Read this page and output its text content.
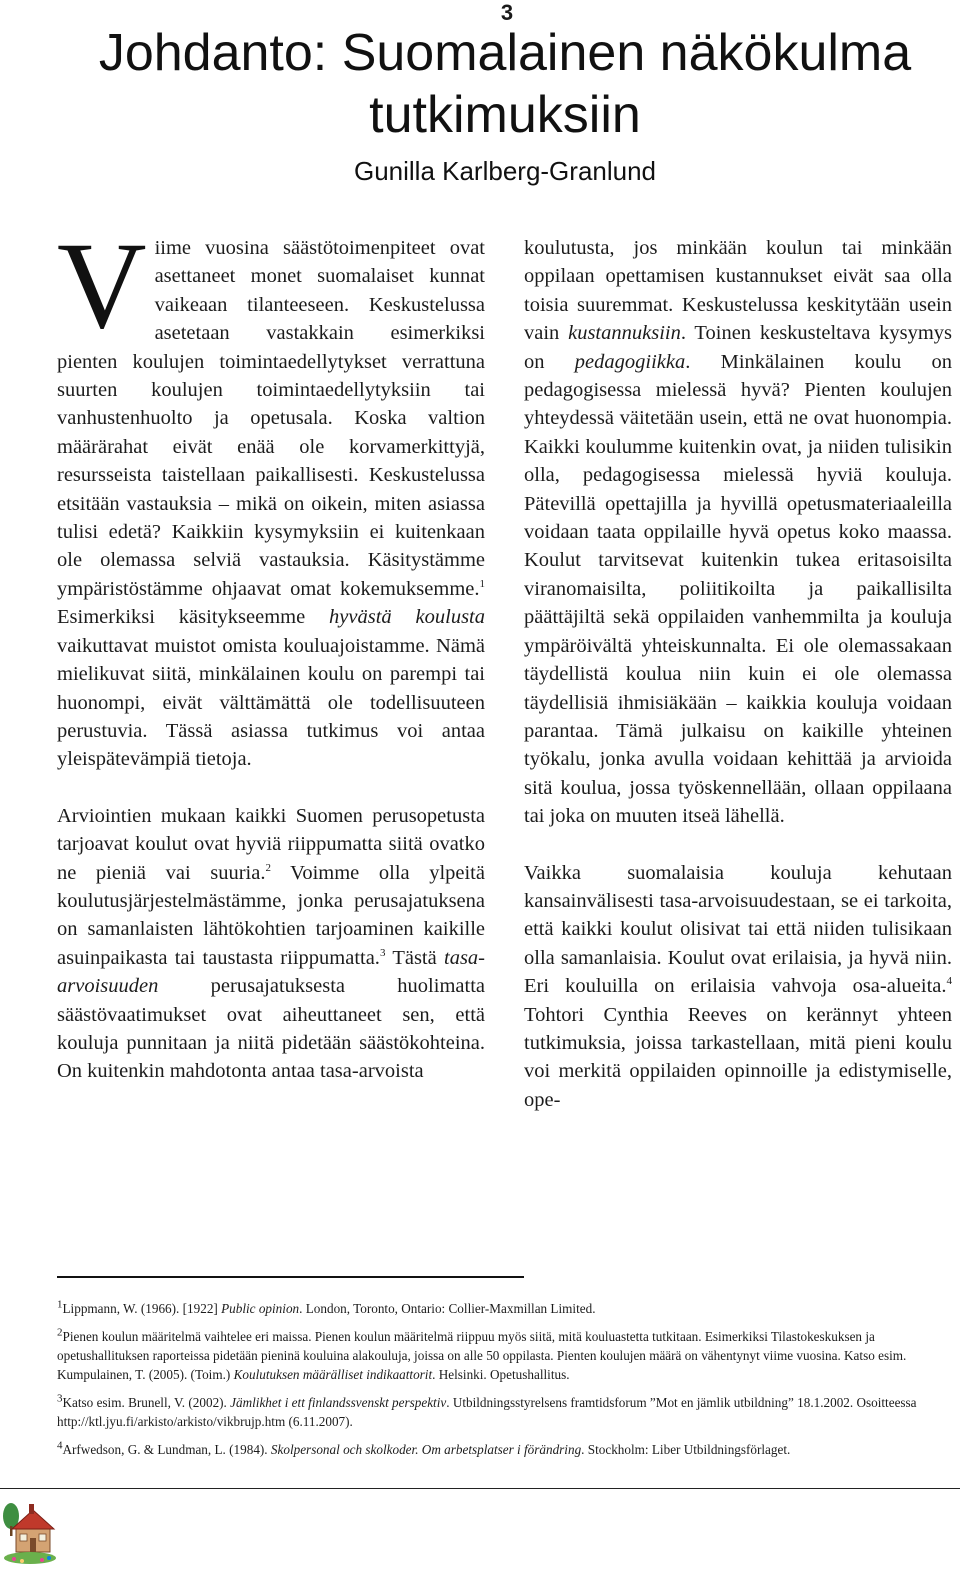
3
Johdanto: Suomalainen näkökulma tutkimuksiin
Gunilla Karlberg-Granlund

Viime vuosina säästötoimenpiteet ovat asettaneet monet suomalaiset kunnat vaikeaan tilanteeseen. Keskustelussa asetetaan vastakkain esimerkiksi pienten koulujen toimintaedellytykset verrattuna suurten koulujen toimintaedellytyksiin tai vanhustenhuolto ja opetusala. Koska valtion määrärahat eivät enää ole korvamerkittyjä, resursseista taistellaan paikallisesti. Keskustelussa etsitään vastauksia – mikä on oikein, miten asiassa tulisi edetä? Kaikkiin kysymyksiin ei kuitenkaan ole olemassa selviä vastauksia. Käsitystämme ympäristöstämme ohjaavat omat kokemuksemme.$^1$ Esimerkiksi käsitykseemme hyvästä koulusta vaikuttavat muistot omista kouluajoistamme. Nämä mielikuvat siitä, minkälainen koulu on parempi tai huonompi, eivät välttämättä ole todellisuuteen perustuvia. Tässä asiassa tutkimus voi antaa yleispätevämpiä tietoja.

Arviointien mukaan kaikki Suomen perusopetusta tarjoavat koulut ovat hyviä riippumatta siitä ovatko ne pieniä vai suuria.$^2$ Voimme olla ylpeitä koulutusjärjestelmästämme, jonka perusajatuksena on samanlaisten lähtökohtien tarjoaminen kaikille asuinpaikasta tai taustasta riippumatta.$^3$ Tästä tasa-arvoisuuden perusajatuksesta huolimatta säästövaatimukset ovat aiheuttaneet sen, että kouluja punnitaan ja niitä pidetään säästökohteina. On kuitenkin mahdotonta antaa tasa-arvoista

koulutusta, jos minkään koulun tai minkään oppilaan opettamisen kustannukset eivät saa olla toisia suuremmat. Keskustelussa keskitytään usein vain kustannuksiin. Toinen keskusteltava kysymys on pedagogiikka. Minkälainen koulu on pedagogisessa mielessä hyvä? Pienten koulujen yhteydessä väitetään usein, että ne ovat huonompia. Kaikki koulumme kuitenkin ovat, ja niiden tulisikin olla, pedagogisessa mielessä hyviä kouluja. Pätevillä opettajilla ja hyvillä opetusmateriaaleilla voidaan taata oppilaille hyvä opetus koko maassa. Koulut tarvitsevat kuitenkin tukea eritasoisilta viranomaisilta, poliitikoilta ja paikallisilta päättäjiltä sekä oppilaiden vanhemmilta ja kouluja ympäröivältä yhteiskunnalta. Ei ole olemassakaan täydellistä koulua niin kuin ei ole olemassa täydellisiä ihmisiäkään – kaikkia kouluja voidaan parantaa. Tämä julkaisu on kaikille yhteinen työkalu, jonka avulla voidaan kehittää ja arvioida sitä koulua, jossa työskennellään, ollaan oppilaana tai joka on muuten itseä lähellä.

Vaikka suomalaisia kouluja kehutaan kansainvälisesti tasa-arvoisuudestaan, se ei tarkoita, että kaikki koulut olisivat tai että niiden tulisikaan olla samanlaisia. Koulut ovat erilaisia, ja hyvä niin. Eri kouluilla on erilaisia vahvoja osa-alueita.$^4$ Tohtori Cynthia Reeves on kerännyt yhteen tutkimuksia, joissa tarkastellaan, mitä pieni koulu voi merkitä oppilaiden opinnoille ja edistymiselle, ope-

$^1$Lippmann, W. (1966). [1922] Public opinion. London, Toronto, Ontario: Collier-Maxmillan Limited.

$^2$Pienen koulun määritelmä vaihtelee eri maissa. Pienen koulun määritelmä riippuu myös siitä, mitä kouluastetta tutkitaan. Esimerkiksi Tilastokeskuksen ja opetushallituksen raporteissa pidetään pieninä kouluina alakouluja, joissa on alle 50 oppilasta. Pienten koulujen määrä on vähentynyt viime vuosina. Katso esim. Kumpulainen, T. (2005). (Toim.) Koulutuksen määrälliset indikaattorit. Helsinki. Opetushallitus.

$^3$Katso esim. Brunell, V. (2002). Jämlikhet i ett finlandssvenskt perspektiv. Utbildningsstyrelsens framtidsforum ”Mot en jämlik utbildning” 18.1.2002. Osoitteessa http://ktl.jyu.fi/arkisto/arkisto/vikbrujp.htm (6.11.2007).

$^4$Arfwedson, G. & Lundman, L. (1984). Skolpersonal och skolkoder. Om arbetsplatser i förändring. Stockholm: Liber Utbildningsförlaget.
